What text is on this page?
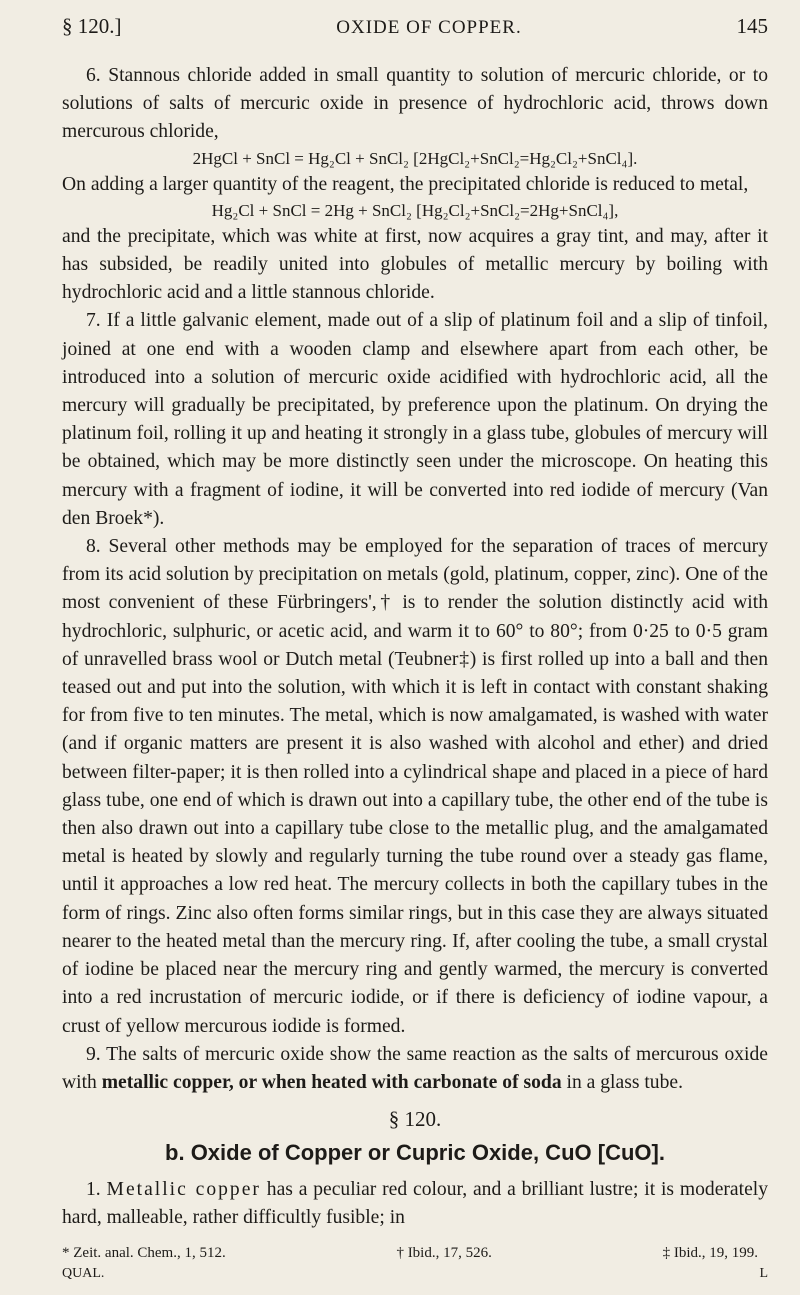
§ 120.]	OXIDE OF COPPER.	145

6. Stannous chloride added in small quantity to solution of mercuric chloride, or to solutions of salts of mercuric oxide in presence of hydrochloric acid, throws down mercurous chloride,

2HgCl + SnCl = Hg₂Cl + SnCl₂ [2HgCl₂+SnCl₂=Hg₂Cl₂+SnCl₄].

On adding a larger quantity of the reagent, the precipitated chloride is reduced to metal,

Hg₂Cl + SnCl = 2Hg + SnCl₂ [Hg₂Cl₂+SnCl₂=2Hg+SnCl₄],

and the precipitate, which was white at first, now acquires a gray tint, and may, after it has subsided, be readily united into globules of metallic mercury by boiling with hydrochloric acid and a little stannous chloride.

7. If a little galvanic element, made out of a slip of platinum foil and a slip of tinfoil, joined at one end with a wooden clamp and elsewhere apart from each other, be introduced into a solution of mercuric oxide acidified with hydrochloric acid, all the mercury will gradually be precipitated, by preference upon the platinum. On drying the platinum foil, rolling it up and heating it strongly in a glass tube, globules of mercury will be obtained, which may be more distinctly seen under the microscope. On heating this mercury with a fragment of iodine, it will be converted into red iodide of mercury (Van den Broek*).

8. Several other methods may be employed for the separation of traces of mercury from its acid solution by precipitation on metals (gold, platinum, copper, zinc). One of the most convenient of these Fürbringers',† is to render the solution distinctly acid with hydrochloric, sulphuric, or acetic acid, and warm it to 60° to 80°; from 0·25 to 0·5 gram of unravelled brass wool or Dutch metal (Teubner‡) is first rolled up into a ball and then teased out and put into the solution, with which it is left in contact with constant shaking for from five to ten minutes. The metal, which is now amalgamated, is washed with water (and if organic matters are present it is also washed with alcohol and ether) and dried between filter-paper; it is then rolled into a cylindrical shape and placed in a piece of hard glass tube, one end of which is drawn out into a capillary tube, the other end of the tube is then also drawn out into a capillary tube close to the metallic plug, and the amalgamated metal is heated by slowly and regularly turning the tube round over a steady gas flame, until it approaches a low red heat. The mercury collects in both the capillary tubes in the form of rings. Zinc also often forms similar rings, but in this case they are always situated nearer to the heated metal than the mercury ring. If, after cooling the tube, a small crystal of iodine be placed near the mercury ring and gently warmed, the mercury is converted into a red incrustation of mercuric iodide, or if there is deficiency of iodine vapour, a crust of yellow mercurous iodide is formed.

9. The salts of mercuric oxide show the same reaction as the salts of mercurous oxide with metallic copper, or when heated with carbonate of soda in a glass tube.

§ 120.
b. Oxide of Copper or Cupric Oxide, CuO [CuO].

1. Metallic copper has a peculiar red colour, and a brilliant lustre; it is moderately hard, malleable, rather difficultly fusible; in

* Zeit. anal. Chem., 1, 512.	† Ibid., 17, 526.	‡ Ibid., 19, 199.
QUAL.	L
